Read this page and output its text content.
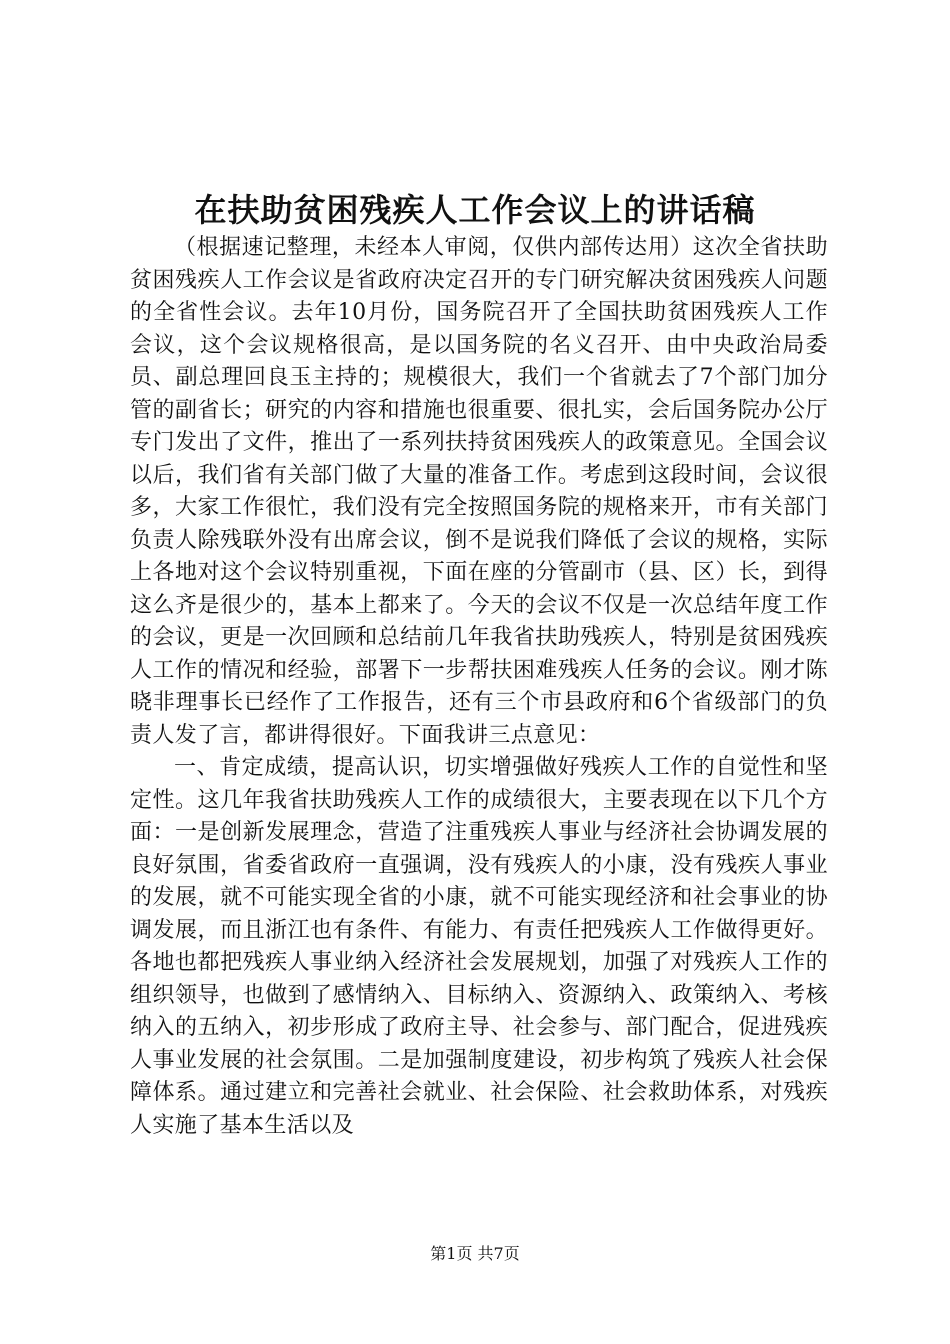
在扶助贫困残疾人工作会议上的讲话稿

（根据速记整理，未经本人审阅，仅供内部传达用）这次全省扶助贫困残疾人工作会议是省政府决定召开的专门研究解决贫困残疾人问题的全省性会议。去年10月份，国务院召开了全国扶助贫困残疾人工作会议，这个会议规格很高，是以国务院的名义召开、由中央政治局委员、副总理回良玉主持的；规模很大，我们一个省就去了7个部门加分管的副省长；研究的内容和措施也很重要、很扎实，会后国务院办公厅专门发出了文件，推出了一系列扶持贫困残疾人的政策意见。全国会议以后，我们省有关部门做了大量的准备工作。考虑到这段时间，会议很多，大家工作很忙，我们没有完全按照国务院的规格来开，市有关部门负责人除残联外没有出席会议，倒不是说我们降低了会议的规格，实际上各地对这个会议特别重视，下面在座的分管副市（县、区）长，到得这么齐是很少的，基本上都来了。今天的会议不仅是一次总结年度工作的会议，更是一次回顾和总结前几年我省扶助残疾人，特别是贫困残疾人工作的情况和经验，部署下一步帮扶困难残疾人任务的会议。刚才陈晓非理事长已经作了工作报告，还有三个市县政府和6个省级部门的负责人发了言，都讲得很好。下面我讲三点意见：

一、肯定成绩，提高认识，切实增强做好残疾人工作的自觉性和坚定性。这几年我省扶助残疾人工作的成绩很大，主要表现在以下几个方面：一是创新发展理念，营造了注重残疾人事业与经济社会协调发展的良好氛围，省委省政府一直强调，没有残疾人的小康，没有残疾人事业的发展，就不可能实现全省的小康，就不可能实现经济和社会事业的协调发展，而且浙江也有条件、有能力、有责任把残疾人工作做得更好。各地也都把残疾人事业纳入经济社会发展规划，加强了对残疾人工作的组织领导，也做到了感情纳入、目标纳入、资源纳入、政策纳入、考核纳入的五纳入，初步形成了政府主导、社会参与、部门配合，促进残疾人事业发展的社会氛围。二是加强制度建设，初步构筑了残疾人社会保障体系。通过建立和完善社会就业、社会保险、社会救助体系，对残疾人实施了基本生活以及

第1页 共7页
